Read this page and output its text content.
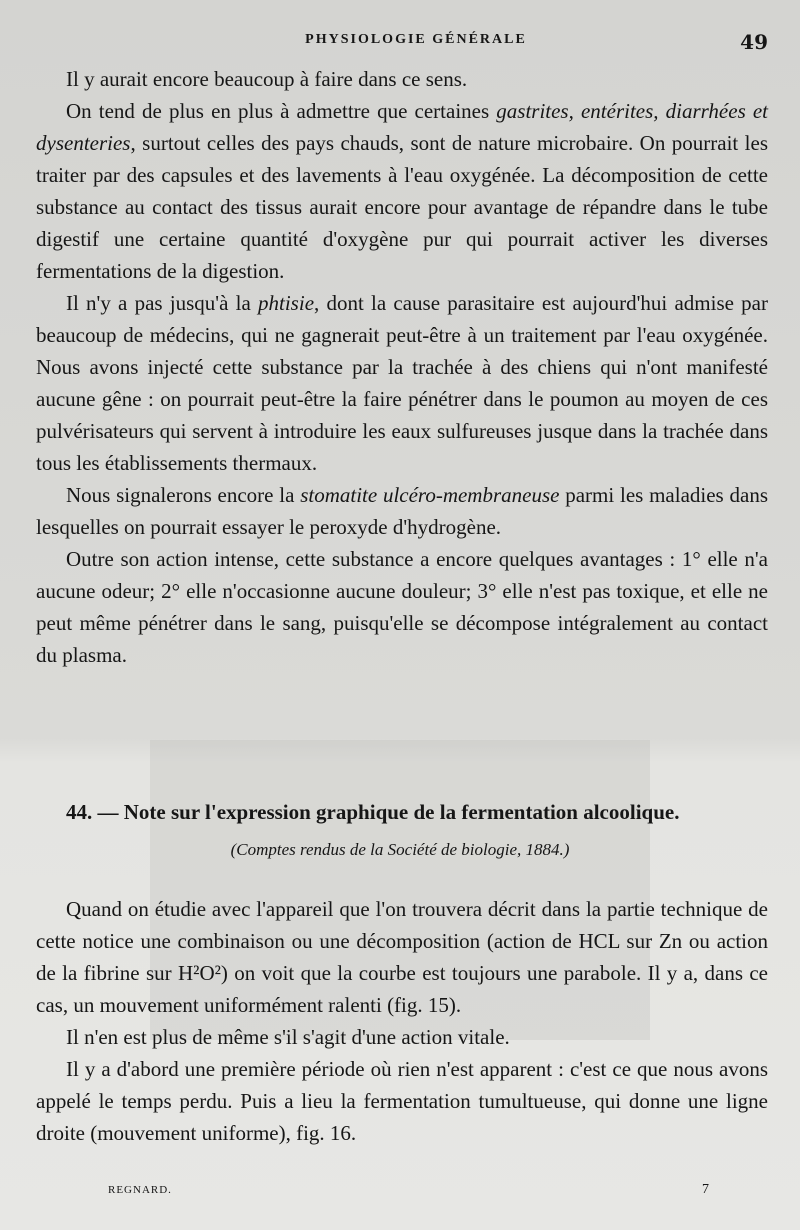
PHYSIOLOGIE GÉNÉRALE	49

Il y aurait encore beaucoup à faire dans ce sens.

On tend de plus en plus à admettre que certaines gastrites, entérites, diarrhées et dysenteries, surtout celles des pays chauds, sont de nature microbaire. On pourrait les traiter par des capsules et des lavements à l'eau oxygénée. La décomposition de cette substance au contact des tissus aurait encore pour avantage de répandre dans le tube digestif une certaine quantité d'oxygène pur qui pourrait activer les diverses fermentations de la digestion.

Il n'y a pas jusqu'à la phtisie, dont la cause parasitaire est aujourd'hui admise par beaucoup de médecins, qui ne gagnerait peut-être à un traitement par l'eau oxygénée. Nous avons injecté cette substance par la trachée à des chiens qui n'ont manifesté aucune gêne : on pourrait peut-être la faire pénétrer dans le poumon au moyen de ces pulvérisateurs qui servent à introduire les eaux sulfureuses jusque dans la trachée dans tous les établissements thermaux.

Nous signalerons encore la stomatite ulcéro-membraneuse parmi les maladies dans lesquelles on pourrait essayer le peroxyde d'hydrogène.

Outre son action intense, cette substance a encore quelques avantages : 1° elle n'a aucune odeur; 2° elle n'occasionne aucune douleur; 3° elle n'est pas toxique, et elle ne peut même pénétrer dans le sang, puisqu'elle se décompose intégralement au contact du plasma.

44. — Note sur l'expression graphique de la fermentation alcoolique.
(Comptes rendus de la Société de biologie, 1884.)

Quand on étudie avec l'appareil que l'on trouvera décrit dans la partie technique de cette notice une combinaison ou une décomposition (action de HCL sur Zn ou action de la fibrine sur H²O²) on voit que la courbe est toujours une parabole. Il y a, dans ce cas, un mouvement uniformément ralenti (fig. 15).

Il n'en est plus de même s'il s'agit d'une action vitale.

Il y a d'abord une première période où rien n'est apparent : c'est ce que nous avons appelé le temps perdu. Puis a lieu la fermentation tumultueuse, qui donne une ligne droite (mouvement uniforme), fig. 16.

REGNARD.	7
